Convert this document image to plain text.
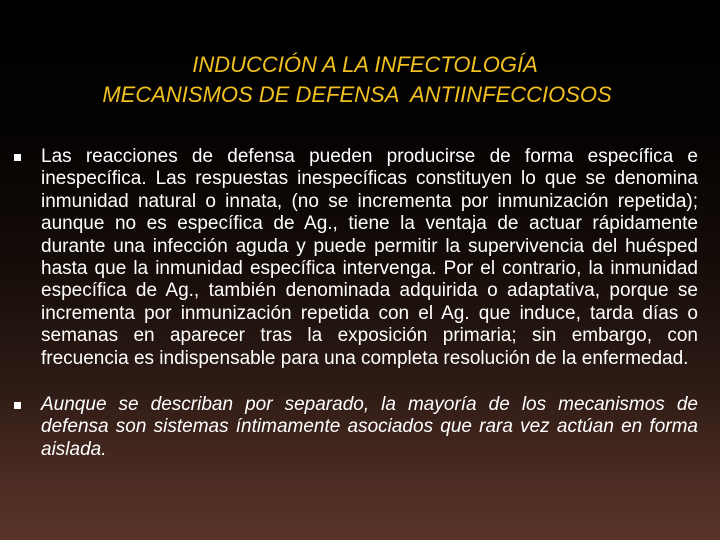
INDUCCIÓN A LA INFECTOLOGÍA
MECANISMOS DE DEFENSA  ANTIINFECCIOSOS
Las reacciones de defensa pueden producirse de forma específica e inespecífica. Las respuestas inespecíficas constituyen lo que se denomina inmunidad natural o innata, (no se incrementa por inmunización repetida); aunque no es específica de Ag., tiene la ventaja de actuar rápidamente durante una infección aguda y puede permitir la supervivencia del huésped hasta que la inmunidad específica intervenga. Por el contrario, la inmunidad específica de Ag., también denominada adquirida o adaptativa, porque se incrementa por inmunización repetida con el Ag. que induce, tarda días o semanas en aparecer tras la exposición primaria; sin embargo, con frecuencia es indispensable para una completa resolución de la enfermedad.
Aunque se describan por separado, la mayoría de los mecanismos de defensa son sistemas íntimamente asociados que rara vez actúan en forma aislada.
